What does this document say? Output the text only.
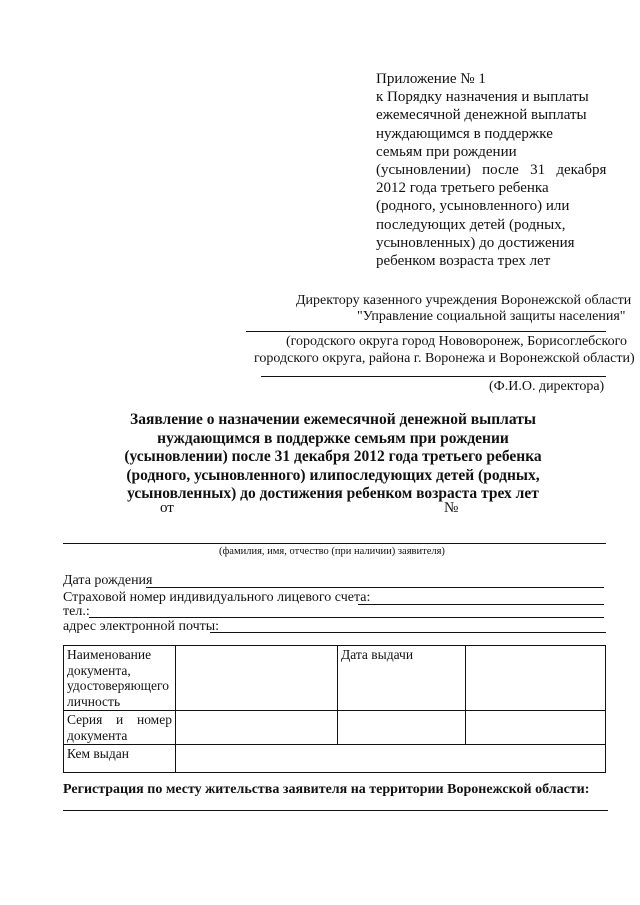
Приложение № 1
к Порядку назначения и выплаты
ежемесячной денежной выплаты
нуждающимся в поддержке
семьям при рождении
(усыновлении)   после   31   декабря
2012 года третьего ребенка
(родного, усыновленного) или
последующих детей (родных,
усыновленных) до достижения
ребенком возраста трех лет
Директору казенного учреждения Воронежской области
"Управление социальной защиты населения"
(городского округа город Нововоронеж, Борисоглебского
городского округа, района г. Воронежа и Воронежской области)
(Ф.И.О. директора)
Заявление о назначении ежемесячной денежной выплаты
нуждающимся в поддержке семьям при рождении
(усыновлении) после 31 декабря 2012 года третьего ребенка
(родного, усыновленного) илипоследующих детей (родных,
усыновленных) до достижения ребенком возраста трех лет
от	№
(фамилия, имя, отчество (при наличии) заявителя)
Дата рождения
Страховой номер индивидуального лицевого счета:
тел.:
адрес электронной почты:
Наименование документа, удостоверяющего личность		Дата выдачи	

Серия и номер
документа			

Кем выдан			
Регистрация по месту жительства заявителя на территории Воронежской области:
